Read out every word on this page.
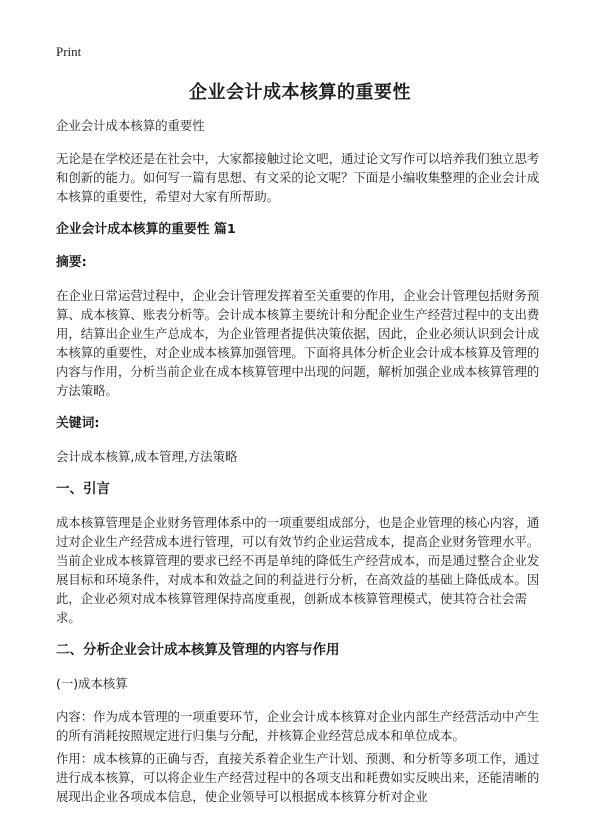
Print
企业会计成本核算的重要性

企业会计成本核算的重要性

无论是在学校还是在社会中，大家都接触过论文吧，通过论文写作可以培养我们独立思考和创新的能力。如何写一篇有思想、有文采的论文呢？下面是小编收集整理的企业会计成本核算的重要性，希望对大家有所帮助。

企业会计成本核算的重要性 篇1

摘要:

在企业日常运营过程中，企业会计管理发挥着至关重要的作用，企业会计管理包括财务预算、成本核算、账表分析等。会计成本核算主要统计和分配企业生产经营过程中的支出费用，结算出企业生产总成本，为企业管理者提供决策依据，因此，企业必须认识到会计成本核算的重要性，对企业成本核算加强管理。下面将具体分析企业会计成本核算及管理的内容与作用，分析当前企业在成本核算管理中出现的问题，解析加强企业成本核算管理的方法策略。

关键词:

会计成本核算,成本管理,方法策略

一、引言

成本核算管理是企业财务管理体系中的一项重要组成部分，也是企业管理的核心内容，通过对企业生产经营成本进行管理，可以有效节约企业运营成本，提高企业财务管理水平。当前企业成本核算管理的要求已经不再是单纯的降低生产经营成本，而是通过整合企业发展目标和环境条件，对成本和效益之间的利益进行分析，在高效益的基础上降低成本。因此，企业必须对成本核算管理保持高度重视，创新成本核算管理模式，使其符合社会需求。

二、分析企业会计成本核算及管理的内容与作用

(一)成本核算

内容：作为成本管理的一项重要环节，企业会计成本核算对企业内部生产经营活动中产生的所有消耗按照规定进行归集与分配，并核算企业经营总成本和单位成本。

作用：成本核算的正确与否，直接关系着企业生产计划、预测、和分析等多项工作，通过进行成本核算，可以将企业生产经营过程中的各项支出和耗费如实反映出来，还能清晰的展现出企业各项成本信息，使企业领导可以根据成本核算分析对企业
